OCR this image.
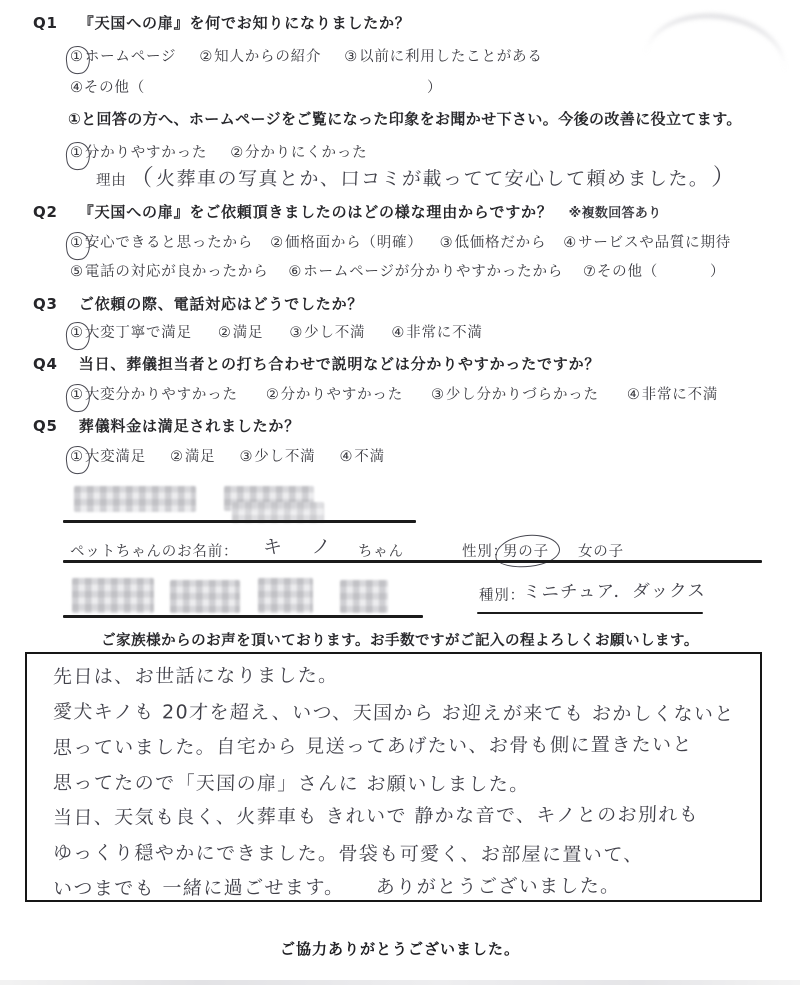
Q1 『天国への扉』を何でお知りになりましたか？
①ホームページ ②知人からの紹介 ③以前に利用したことがある
④その他（	）
①と回答の方へ、ホームページをご覧になった印象をお聞かせ下さい。今後の改善に役立てます。
①分かりやすかった ②分かりにくかった
理由 （ 火葬車の写真とか、口コミが載ってて安心して頼めました。 ）
Q2 『天国への扉』をご依頼頂きましたのはどの様な理由からですか？ ※複数回答あり
①安心できると思ったから ②価格面から（明確） ③低価格だから ④サービスや品質に期待
⑤電話の対応が良かったから ⑥ホームページが分かりやすかったから ⑦その他（	）
Q3 ご依頼の際、電話対応はどうでしたか？
①大変丁寧で満足 ②満足 ③少し不満 ④非常に不満
Q4 当日、葬儀担当者との打ち合わせで説明などは分かりやすかったですか？
①大変分かりやすかった ②分かりやすかった ③少し分かりづらかった ④非常に不満
Q5 葬儀料金は満足されましたか？
①大変満足 ②満足 ③少し不満 ④不満
ペットちゃんのお名前： キノ
ちゃん	性別：
男の子 女の子
種別：
ミニチュア．ダックス
ご家族様からのお声を頂いております。お手数ですがご記入の程よろしくお願いします。
先日は、お世話になりました。
愛犬キノも 20才を超え、いつ、天国から お迎えが来ても おかしくないと
思っていました。自宅から 見送ってあげたい、お骨も側に置きたいと
思ってたので「天国の扉」さんに お願いしました。
当日、天気も良く、火葬車も きれいで 静かな音で、キノとのお別れも
ゆっくり穏やかにできました。骨袋も可愛く、お部屋に置いて、
いつまでも 一緒に過ごせます。　　ありがとうございました。
ご協力ありがとうございました。
